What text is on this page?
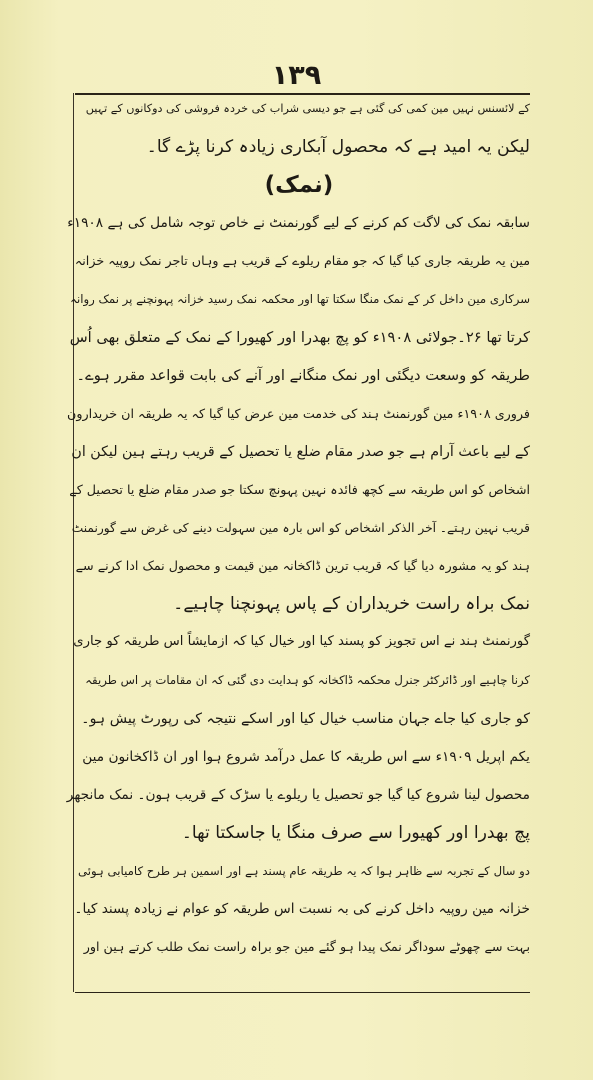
١٣٩
کے لائسنس نہیں مین کمی کی گئی ہے جو دیسی شراب کی خردہ فروشی کی دوکانوں کے تہیں
لیکن یہ امید ہے کہ محصول آبکاری زیادہ کرنا پڑے گا۔
(نمک)
سابقہ نمک کی لاگت کم کرنے کے لیے گورنمنٹ نے خاص توجہ شامل کی ہے ۱۹۰۸ء
مین یہ طریقہ جاری کیا گیا کہ جو مقام ریلوے کے قریب ہے وہاں تاجر نمک روپیہ خزانہ
سرکاری مین داخل کر کے نمک منگا سکتا تھا اور محکمہ نمک رسید خزانہ پہونچنے پر نمک روانہ
کرتا تھا ۲۶۔جولائی ۱۹۰۸ء کو پچ بھدرا اور کھیورا کے نمک کے متعلق بھی اُس
طریقہ کو وسعت دیگئی اور نمک منگانے اور آنے کی بابت قواعد مقرر ہوے۔
فروری ۱۹۰۸ء مین گورنمنٹ ہند کی خدمت مین عرض کیا گیا کہ یہ طریقہ ان خریدارون
کے لیے باعث آرام ہے جو صدر مقام ضلع یا تحصیل کے قریب رہتے ہین لیکن ان
اشخاص کو اس طریقہ سے کچھ فائدہ نہین پہونچ سکتا جو صدر مقام ضلع یا تحصیل کے
قریب نہین رہتے۔ آخر الذکر اشخاص کو اس بارہ مین سہولت دینے کی غرض سے گورنمنٹ
ہند کو یہ مشورہ دیا گیا کہ قریب ترین ڈاکخانہ مین قیمت و محصول نمک ادا کرنے سے
نمک براہ راست خریداران کے پاس پہونچنا چاہیے۔
گورنمنٹ ہند نے اس تجویز کو پسند کیا اور خیال کیا کہ ازمایشاً اس طریقہ کو جاری
کرنا چاہیے اور ڈائرکٹر جنرل محکمہ ڈاکخانہ کو ہدایت دی گئی کہ ان مقامات پر اس طریقہ
کو جاری کیا جاے جہان مناسب خیال کیا اور اسکے نتیجہ کی رپورٹ پیش ہو۔
یکم اپریل ۱۹۰۹ء سے اس طریقہ کا عمل درآمد شروع ہوا اور ان ڈاکخانون مین
محصول لینا شروع کیا گیا جو تحصیل یا ریلوے یا سڑک کے قریب ہون۔ نمک مانجھر
پچ بھدرا اور کھیورا سے صرف منگا یا جاسکتا تھا۔
دو سال کے تجربہ سے ظاہر ہوا کہ یہ طریقہ عام پسند ہے اور اسمین ہر طرح کامیابی ہوئی
خزانہ مین روپیہ داخل کرنے کی بہ نسبت اس طریقہ کو عوام نے زیادہ پسند کیا۔
بہت سے چھوٹے سوداگر نمک پیدا ہو گئے مین جو براہ راست نمک طلب کرتے ہین اور
